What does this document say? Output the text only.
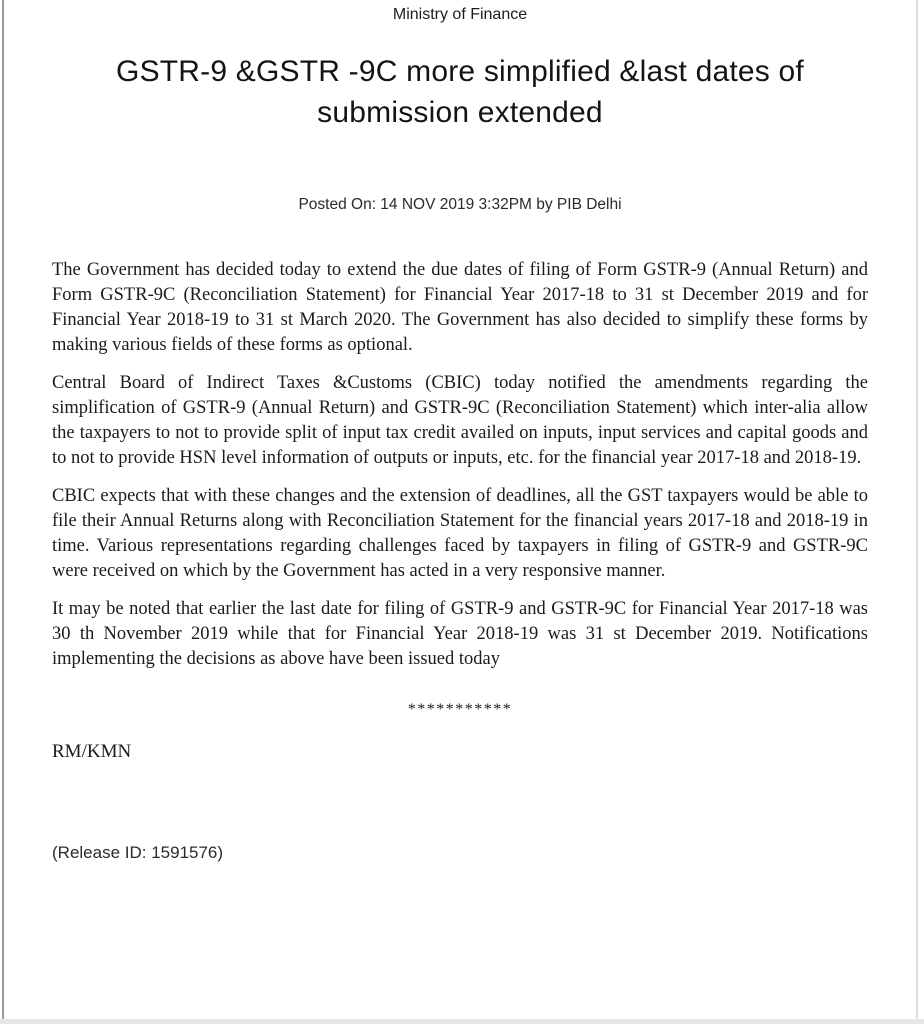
Ministry of Finance
GSTR-9 &GSTR -9C more simplified &last dates of submission extended
Posted On: 14 NOV 2019 3:32PM by PIB Delhi

The Government has decided today to extend the due dates of filing of Form GSTR-9 (Annual Return) and Form GSTR-9C (Reconciliation Statement) for Financial Year 2017-18 to 31 st December 2019 and for Financial Year 2018-19 to 31 st March 2020. The Government has also decided to simplify these forms by making various fields of these forms as optional.

Central Board of Indirect Taxes &Customs (CBIC) today notified the amendments regarding the simplification of GSTR-9 (Annual Return) and GSTR-9C (Reconciliation Statement) which inter-alia allow the taxpayers to not to provide split of input tax credit availed on inputs, input services and capital goods and to not to provide HSN level information of outputs or inputs, etc. for the financial year 2017-18 and 2018-19.

CBIC expects that with these changes and the extension of deadlines, all the GST taxpayers would be able to file their Annual Returns along with Reconciliation Statement for the financial years 2017-18 and 2018-19 in time. Various representations regarding challenges faced by taxpayers in filing of GSTR-9 and GSTR-9C were received on which by the Government has acted in a very responsive manner.

It may be noted that earlier the last date for filing of GSTR-9 and GSTR-9C for Financial Year 2017-18 was 30 th November 2019 while that for Financial Year 2018-19 was 31 st December 2019. Notifications implementing the decisions as above have been issued today

***********
RM/KMN
(Release ID: 1591576)
